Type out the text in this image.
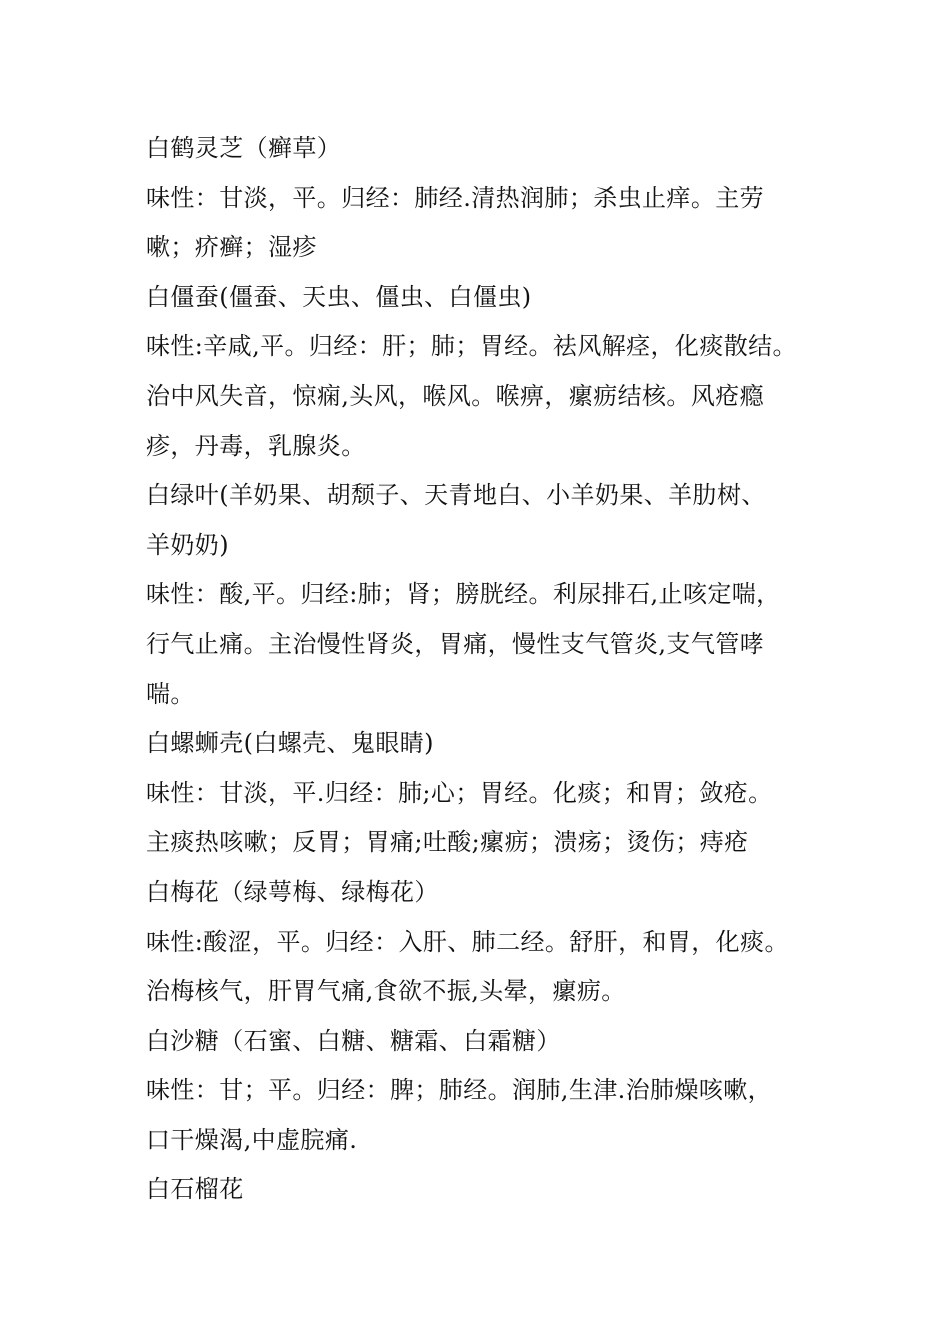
白鹤灵芝（癣草）
味性：甘淡，平。归经：肺经.清热润肺；杀虫止痒。主劳
嗽；疥癣；湿疹
白僵蚕(僵蚕、天虫、僵虫、白僵虫)
味性:辛咸,平。归经：肝；肺；胃经。祛风解痉，化痰散结。
治中风失音，惊痫,头风，喉风。喉痹，瘰疬结核。风疮瘾
疹，丹毒，乳腺炎。
白绿叶(羊奶果、胡颓子、天青地白、小羊奶果、羊肋树、
羊奶奶)
味性：酸,平。归经:肺；肾；膀胱经。利尿排石,止咳定喘，
行气止痛。主治慢性肾炎，胃痛，慢性支气管炎,支气管哮
喘。
白螺蛳壳(白螺壳、鬼眼睛)
味性：甘淡，平.归经：肺;心；胃经。化痰；和胃；敛疮。
主痰热咳嗽；反胃；胃痛;吐酸;瘰疬；溃疡；烫伤；痔疮
白梅花（绿萼梅、绿梅花）
味性:酸涩，平。归经：入肝、肺二经。舒肝，和胃，化痰。
治梅核气，肝胃气痛,食欲不振,头晕，瘰疬。
白沙糖（石蜜、白糖、糖霜、白霜糖）
味性：甘；平。归经：脾；肺经。润肺,生津.治肺燥咳嗽，
口干燥渴,中虚脘痛.
白石榴花
